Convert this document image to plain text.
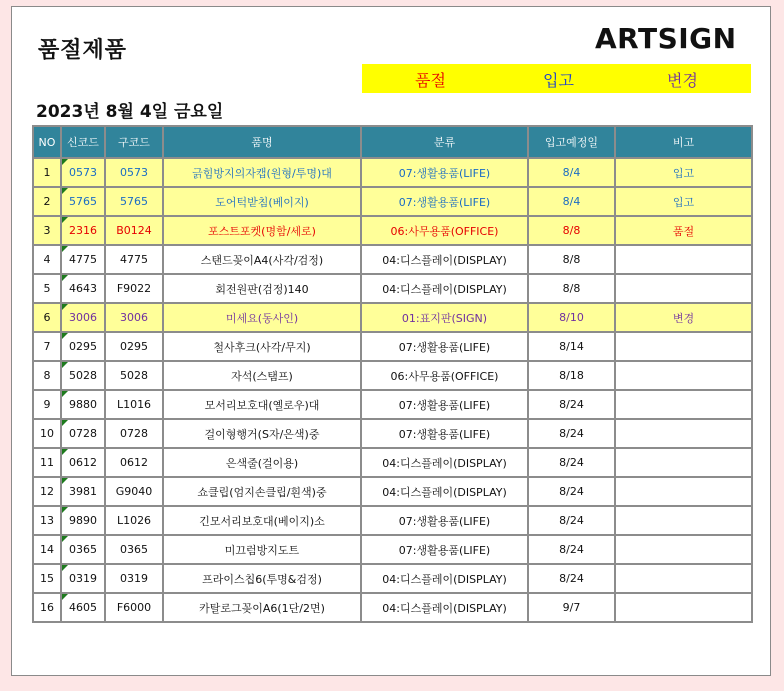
품절제품	ARTSIGN
품절	입고	변경
2023년 8월 4일 금요일
NO	신코드	구코드	품명	분류	입고예정일	비고
1	0573	0573	긁힘방지의자캡(원형/투명)대	07:생활용품(LIFE)	8/4	입고
2	5765	5765	도어턱받침(베이지)	07:생활용품(LIFE)	8/4	입고
3	2316	B0124	포스트포켓(명함/세로)	06:사무용품(OFFICE)	8/8	품절
4	4775	4775	스탠드꽂이A4(사각/검정)	04:디스플레이(DISPLAY)	8/8	
5	4643	F9022	회전원판(검정)140	04:디스플레이(DISPLAY)	8/8	
6	3006	3006	미세요(동사인)	01:표지판(SIGN)	8/10	변경
7	0295	0295	철사후크(사각/무지)	07:생활용품(LIFE)	8/14	
8	5028	5028	자석(스탬프)	06:사무용품(OFFICE)	8/18	
9	9880	L1016	모서리보호대(옐로우)대	07:생활용품(LIFE)	8/24	
10	0728	0728	걸이형행거(S자/은색)중	07:생활용품(LIFE)	8/24	
11	0612	0612	은색줄(걸이용)	04:디스플레이(DISPLAY)	8/24	
12	3981	G9040	쇼클립(엄지손클립/흰색)중	04:디스플레이(DISPLAY)	8/24	
13	9890	L1026	긴모서리보호대(베이지)소	07:생활용품(LIFE)	8/24	
14	0365	0365	미끄럼방지도트	07:생활용품(LIFE)	8/24	
15	0319	0319	프라이스칩6(투명&검정)	04:디스플레이(DISPLAY)	8/24	
16	4605	F6000	카탈로그꽂이A6(1단/2면)	04:디스플레이(DISPLAY)	9/7	
